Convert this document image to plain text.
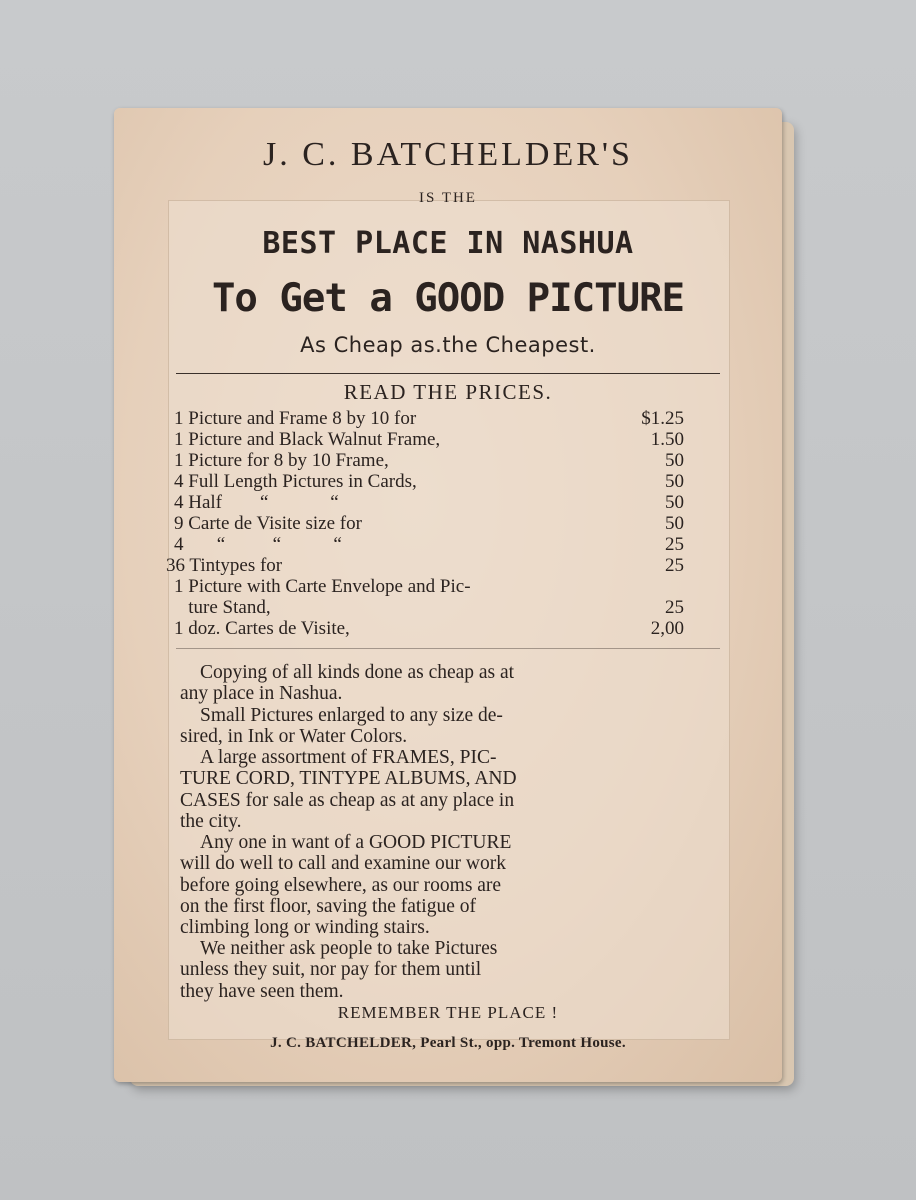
J. C. BATCHELDER'S
IS THE
BEST PLACE IN NASHUA
To Get a GOOD PICTURE
As Cheap as.the Cheapest.
READ THE PRICES.
1 Picture and Frame 8 by 10 for	$1.25
1 Picture and Black Walnut Frame,	1.50
1 Picture for 8 by 10 Frame,	50
4 Full Length Pictures in Cards,	50
4 Half        “             “	50
9 Carte de Visite size for	50
4       “          “           “	25
36 Tintypes for	25
1 Picture with Carte Envelope and Pic-
ture Stand,	25
1 doz. Cartes de Visite,	2,00
Copying of all kinds done as cheap as at
any place in Nashua.
Small Pictures enlarged to any size de-
sired, in Ink or Water Colors.
A large assortment of FRAMES, PIC-
TURE CORD, TINTYPE ALBUMS, AND
CASES for sale as cheap as at any place in
the city.
Any one in want of a GOOD PICTURE
will do well to call and examine our work
before going elsewhere, as our rooms are
on the first floor, saving the fatigue of
climbing long or winding stairs.
We neither ask people to take Pictures
unless they suit, nor pay for them until
they have seen them.
REMEMBER THE PLACE !
J. C. BATCHELDER, Pearl St., opp. Tremont House.
